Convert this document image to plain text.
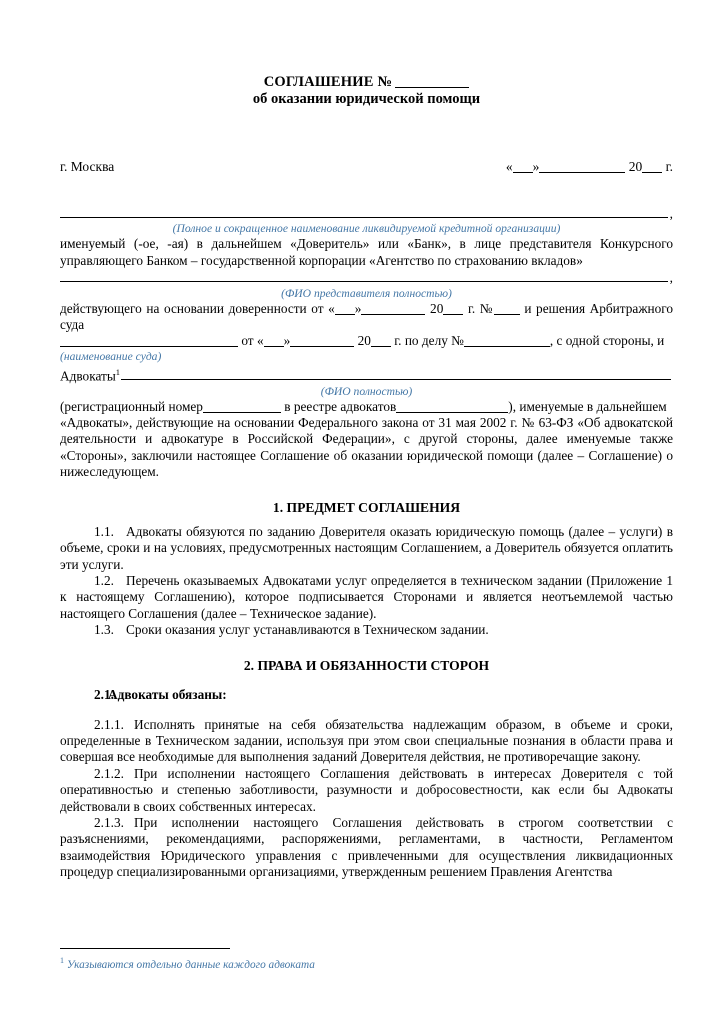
СОГЛАШЕНИЕ №
об оказании юридической помощи
г. Москва	« »	20 г.
,
(Полное и сокращенное наименование ликвидируемой кредитной организации)

именуемый (-ое, -ая) в дальнейшем «Доверитель» или «Банк», в лице представителя Конкурсного управляющего Банком – государственной корпорации «Агентство по страхованию вкладов»

,
(ФИО представителя полностью)
действующего на основании доверенности от « »	20 г. № и решения Арбитражного суда
от « »	20 г. по делу №	, с одной стороны, и
(наименование суда)
Адвокаты$^1$
(ФИО полностью)
(регистрационный номер	в реестре адвокатов	), именуемые в дальнейшем

«Адвокаты», действующие на основании Федерального закона от 31 мая 2002 г. № 63-ФЗ «Об адвокатской деятельности и адвокатуре в Российской Федерации», с другой стороны, далее именуемые также «Стороны», заключили настоящее Соглашение об оказании юридической помощи (далее – Соглашение) о нижеследующем.

1. ПРЕДМЕТ СОГЛАШЕНИЯ

1.1. Адвокаты обязуются по заданию Доверителя оказать юридическую помощь (далее – услуги) в объеме, сроки и на условиях, предусмотренных настоящим Соглашением, а Доверитель обязуется оплатить эти услуги.

1.2. Перечень оказываемых Адвокатами услуг определяется в техническом задании (Приложение 1 к настоящему Соглашению), которое подписывается Сторонами и является неотъемлемой частью настоящего Соглашения (далее – Техническое задание).

1.3. Сроки оказания услуг устанавливаются в Техническом задании.

2. ПРАВА И ОБЯЗАННОСТИ СТОРОН

2.1.Адвокаты обязаны:

2.1.1. Исполнять принятые на себя обязательства надлежащим образом, в объеме и сроки, определенные в Техническом задании, используя при этом свои специальные познания в области права и совершая все необходимые для выполнения заданий Доверителя действия, не противоречащие закону.

2.1.2. При исполнении настоящего Соглашения действовать в интересах Доверителя с той оперативностью и степенью заботливости, разумности и добросовестности, как если бы Адвокаты действовали в своих собственных интересах.

2.1.3. При исполнении настоящего Соглашения действовать в строгом соответствии с разъяснениями, рекомендациями, распоряжениями, регламентами, в частности, Регламентом взаимодействия Юридического управления с привлеченными для осуществления ликвидационных процедур специализированными организациями, утвержденным решением Правления Агентства

$^1$ Указываются отдельно данные каждого адвоката
